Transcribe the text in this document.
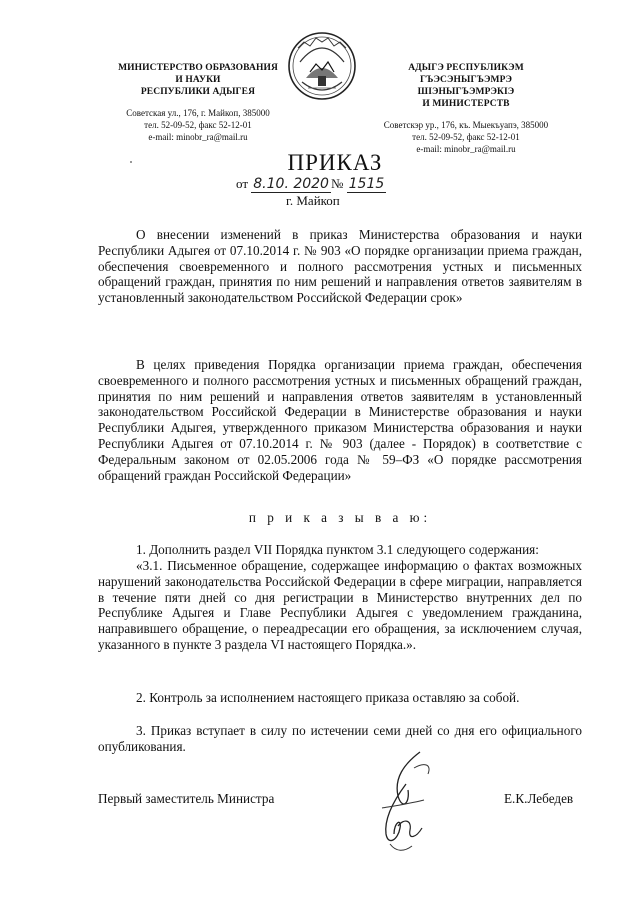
МИНИСТЕРСТВО ОБРАЗОВАНИЯ
И НАУКИ
РЕСПУБЛИКИ АДЫГЕЯ
Советская ул., 176, г. Майкоп, 385000
тел. 52-09-52, факс 52-12-01
e-mail: minobr_ra@mail.ru
АДЫГЭ РЕСПУБЛИКЭМ
ГЪЭСЭНЫГЪЭМРЭ ШІЭНЫГЪЭМРЭКІЭ
И МИНИСТЕРСТВ
Советскэр ур., 176, къ. Мыекъуапэ, 385000
тел. 52-09-52, факс 52-12-01
e-mail: minobr_ra@mail.ru
ПРИКАЗ
от 8.10. 2020 № 1515
г. Майкоп
О внесении изменений в приказ Министерства образования и науки Республики Адыгея от 07.10.2014 г. № 903 «О порядке организации приема граждан, обеспечения своевременного и полного рассмотрения устных и письменных обращений граждан, принятия по ним решений и направления ответов заявителям в установленный законодательством Российской Федерации срок»
В целях приведения Порядка организации приема граждан, обеспечения своевременного и полного рассмотрения устных и письменных обращений граждан, принятия по ним решений и направления ответов заявителям в установленный законодательством Российской Федерации в Министерстве образования и науки Республики Адыгея, утвержденного приказом Министерства образования и науки Республики Адыгея от 07.10.2014 г. № 903 (далее - Порядок) в соответствие с Федеральным законом от 02.05.2006 года № 59–ФЗ «О порядке рассмотрения обращений граждан Российской Федерации»
п р и к а з ы в а ю:
1. Дополнить раздел VII Порядка пунктом 3.1 следующего содержания:
«3.1. Письменное обращение, содержащее информацию о фактах возможных нарушений законодательства Российской Федерации в сфере миграции, направляется в течение пяти дней со дня регистрации в Министерство внутренних дел по Республике Адыгея и Главе Республики Адыгея с уведомлением гражданина, направившего обращение, о переадресации его обращения, за исключением случая, указанного в пункте 3 раздела VI настоящего Порядка.».
2. Контроль за исполнением настоящего приказа оставляю за собой.
3. Приказ вступает в силу по истечении семи дней со дня его официального опубликования.
Первый заместитель Министра	Е.К.Лебедев
